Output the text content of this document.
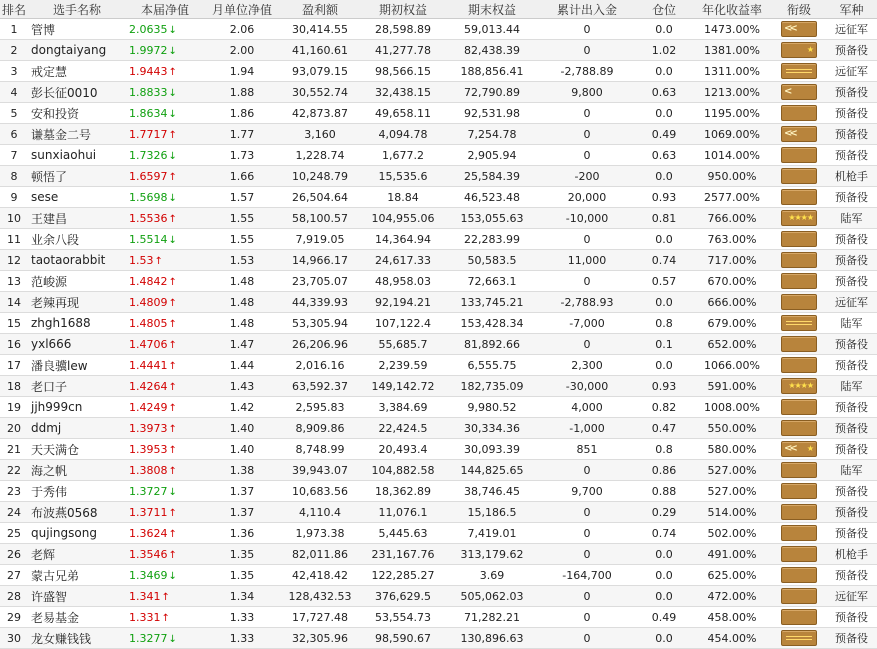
排名	选手名称	本届净值	月单位净值	盈利额	期初权益	期末权益	累计出入金	仓位	年化收益率	衔级	军种
1	管博	2.0635↓	2.06	30,414.55	28,598.89	59,013.44	0	0.0	1473.00%	<<	远征军
2	dongtaiyang	1.9972↓	2.00	41,160.61	41,277.78	82,438.39	0	1.02	1381.00%	★	预备役
3	戒定慧	1.9443↑	1.94	93,079.15	98,566.15	188,856.41	-2,788.89	0.0	1311.00%		远征军
4	彭长征0010	1.8833↓	1.88	30,552.74	32,438.15	72,790.89	9,800	0.63	1213.00%	<	预备役
5	安和投资	1.8634↓	1.86	42,873.87	49,658.11	92,531.98	0	0.0	1195.00%		预备役
6	谦墓金二号	1.7717↑	1.77	3,160	4,094.78	7,254.78	0	0.49	1069.00%	<<	预备役
7	sunxiaohui	1.7326↓	1.73	1,228.74	1,677.2	2,905.94	0	0.63	1014.00%		预备役
8	顿悟了	1.6597↑	1.66	10,248.79	15,535.6	25,584.39	-200	0.0	950.00%		机枪手
9	sese	1.5698↓	1.57	26,504.64	18.84	46,523.48	20,000	0.93	2577.00%		预备役
10	王建昌	1.5536↑	1.55	58,100.57	104,955.06	153,055.63	-10,000	0.81	766.00%	★★★★	陆军
11	业余八段	1.5514↓	1.55	7,919.05	14,364.94	22,283.99	0	0.0	763.00%		预备役
12	taotaorabbit	1.53↑	1.53	14,966.17	24,617.33	50,583.5	11,000	0.74	717.00%		预备役
13	范峻源	1.4842↑	1.48	23,705.07	48,958.03	72,663.1	0	0.57	670.00%		预备役
14	老辣再现	1.4809↑	1.48	44,339.93	92,194.21	133,745.21	-2,788.93	0.0	666.00%		远征军
15	zhgh1688	1.4805↑	1.48	53,305.94	107,122.4	153,428.34	-7,000	0.8	679.00%		陆军
16	yxl666	1.4706↑	1.47	26,206.96	55,685.7	81,892.66	0	0.1	652.00%		预备役
17	潘良骥lew	1.4441↑	1.44	2,016.16	2,239.59	6,555.75	2,300	0.0	1066.00%		预备役
18	老口子	1.4264↑	1.43	63,592.37	149,142.72	182,735.09	-30,000	0.93	591.00%	★★★★	陆军
19	jjh999cn	1.4249↑	1.42	2,595.83	3,384.69	9,980.52	4,000	0.82	1008.00%		预备役
20	ddmj	1.3973↑	1.40	8,909.86	22,424.5	30,334.36	-1,000	0.47	550.00%		预备役
21	天天满仓	1.3953↑	1.40	8,748.99	20,493.4	30,093.39	851	0.8	580.00%	<< ★	预备役
22	海之帆	1.3808↑	1.38	39,943.07	104,882.58	144,825.65	0	0.86	527.00%		陆军
23	于秀伟	1.3727↓	1.37	10,683.56	18,362.89	38,746.45	9,700	0.88	527.00%		预备役
24	布波燕0568	1.3711↑	1.37	4,110.4	11,076.1	15,186.5	0	0.29	514.00%		预备役
25	qujingsong	1.3624↑	1.36	1,973.38	5,445.63	7,419.01	0	0.74	502.00%		预备役
26	老辉	1.3546↑	1.35	82,011.86	231,167.76	313,179.62	0	0.0	491.00%		机枪手
27	蒙古兄弟	1.3469↓	1.35	42,418.42	122,285.27	3.69	-164,700	0.0	625.00%		预备役
28	许盛智	1.341↑	1.34	128,432.53	376,629.5	505,062.03	0	0.0	472.00%		远征军
29	老易基金	1.331↑	1.33	17,727.48	53,554.73	71,282.21	0	0.49	458.00%		预备役
30	龙女赚钱钱	1.3277↓	1.33	32,305.96	98,590.67	130,896.63	0	0.0	454.00%		预备役
